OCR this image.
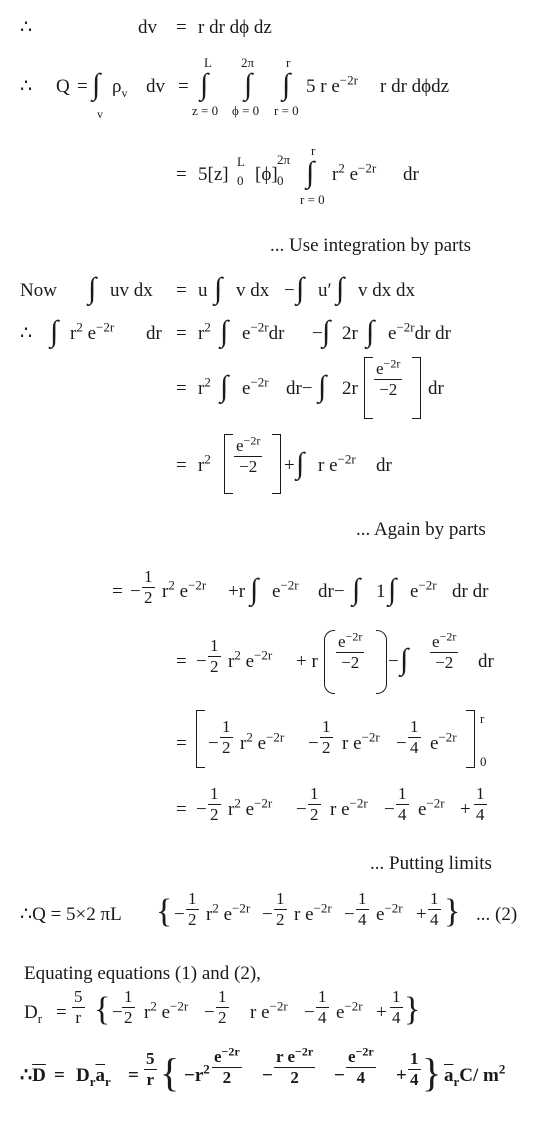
∴	dv = r dr dϕ dz
∴ Q = ∫ $\rho_v$ dv
v
= ∫ ∫ ∫
L 2π r
z = 0 ϕ = 0 r = 0
5 r $e^{-2r}$ r dr dϕdz
= 5[z]
L
0 [ϕ]
2π
0
r
∫
r = 0
$r^2$ $e^{-2r}$ dr
... Use integration by parts
Now ∫ uv dx = u ∫ v dx − ∫ u′ ∫ v dx dx
∴ ∫ $r^2$ $e^{-2r}$ dr = $r^2$ ∫ $e^{-2r}dr$ − ∫ 2r ∫ $e^{-2r}dr$ dr
= $r^2$ ∫ $e^{-2r}$ dr− ∫ $2r \frac{e^{-2r}}{-2}$ dr
= $r^2 \frac{e^{-2r}}{-2}$ + ∫ r $e^{-2r}$ dr
... Again by parts
= − $\frac{1}{2} r^2$ $e^{-2r} +r$ ∫ $e^{-2r}$ dr− ∫ 1 ∫ $e^{-2r}$ dr dr
= − $\frac{1}{2} r^2$ $e^{-2r} + r \frac{e^{-2r}}{-2}$ − ∫ $\frac{e^{-2r}}{-2}$ dr
= − $\frac{1}{2} r^2$ $e^{-2r} - \frac{1}{2}$ r $e^{-2r} - \frac{1}{4} e^{-2r}$
r
0
= − $\frac{1}{2} r^2$ $e^{-2r} - \frac{1}{2}$ r $e^{-2r} - \frac{1}{4} e^{-2r} + \frac{1}{4}$
... Putting limits
∴Q = 5×2 πL { − $\frac{1}{2} r^2$ $e^{-2r} - \frac{1}{2}$ r $e^{-2r} - \frac{1}{4} e^{-2r} + \frac{1}{4}$ } ... (2)
Equating equations (1) and (2),
$D_r = \frac{5}{r}$ { − $\frac{1}{2} r^2$ $e^{-2r} - \frac{1}{2}$ r $e^{-2r} - \frac{1}{4} e^{-2r} + \frac{1}{4}$ }
$\therefore\overline{D} = D_r\overline{a}_r = \frac{5}{r}$ { $-r^2 \frac{e^{-2r}}{2} - \frac{r e^{-2r}}{2} - \frac{e^{-2r}}{4} + \frac{1}{4}$ } $\overline{a}_rC/$ $m^2$
